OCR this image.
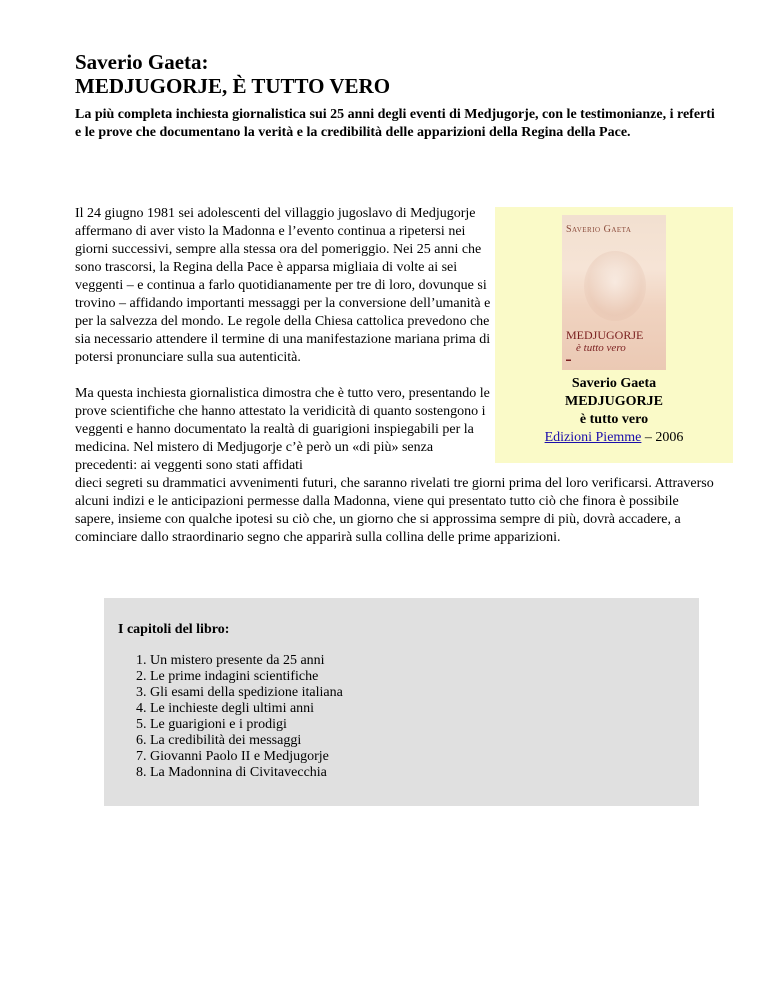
Saverio Gaeta:
MEDJUGORJE, È TUTTO VERO

La più completa inchiesta giornalistica sui 25 anni degli eventi di Medjugorje, con le testimonianze, i referti e le prove che documentano la verità e la credibilità delle apparizioni della Regina della Pace.

Saverio Gaeta
MEDJUGORJE
è tutto vero
▬
Saverio Gaeta
MEDJUGORJE
è tutto vero
Edizioni Piemme – 2006

Il 24 giugno 1981 sei adolescenti del villaggio jugoslavo di Medjugorje affermano di aver visto la Madonna e l’evento continua a ripetersi nei giorni successivi, sempre alla stessa ora del pomeriggio. Nei 25 anni che sono trascorsi, la Regina della Pace è apparsa migliaia di volte ai sei veggenti – e continua a farlo quotidianamente per tre di loro, dovunque si trovino – affidando importanti messaggi per la conversione dell’umanità e per la salvezza del mondo. Le regole della Chiesa cattolica prevedono che sia necessario attendere il termine di una manifestazione mariana prima di potersi pronunciare sulla sua autenticità.

Ma questa inchiesta giornalistica dimostra che è tutto vero, presentando le prove scientifiche che hanno attestato la veridicità di quanto sostengono i veggenti e hanno documentato la realtà di guarigioni inspiegabili per la medicina. Nel mistero di Medjugorje c’è però un «di più» senza precedenti: ai veggenti sono stati affidati
dieci segreti su drammatici avvenimenti futuri, che saranno rivelati tre giorni prima del loro verificarsi. Attraverso alcuni indizi e le anticipazioni permesse dalla Madonna, viene qui presentato tutto ciò che finora è possibile sapere, insieme con qualche ipotesi su ciò che, un giorno che si approssima sempre di più, dovrà accadere, a cominciare dallo straordinario segno che apparirà sulla collina delle prime apparizioni.

I capitoli del libro:
1. Un mistero presente da 25 anni
2. Le prime indagini scientifiche
3. Gli esami della spedizione italiana
4. Le inchieste degli ultimi anni
5. Le guarigioni e i prodigi
6. La credibilità dei messaggi
7. Giovanni Paolo II e Medjugorje
8. La Madonnina di Civitavecchia
